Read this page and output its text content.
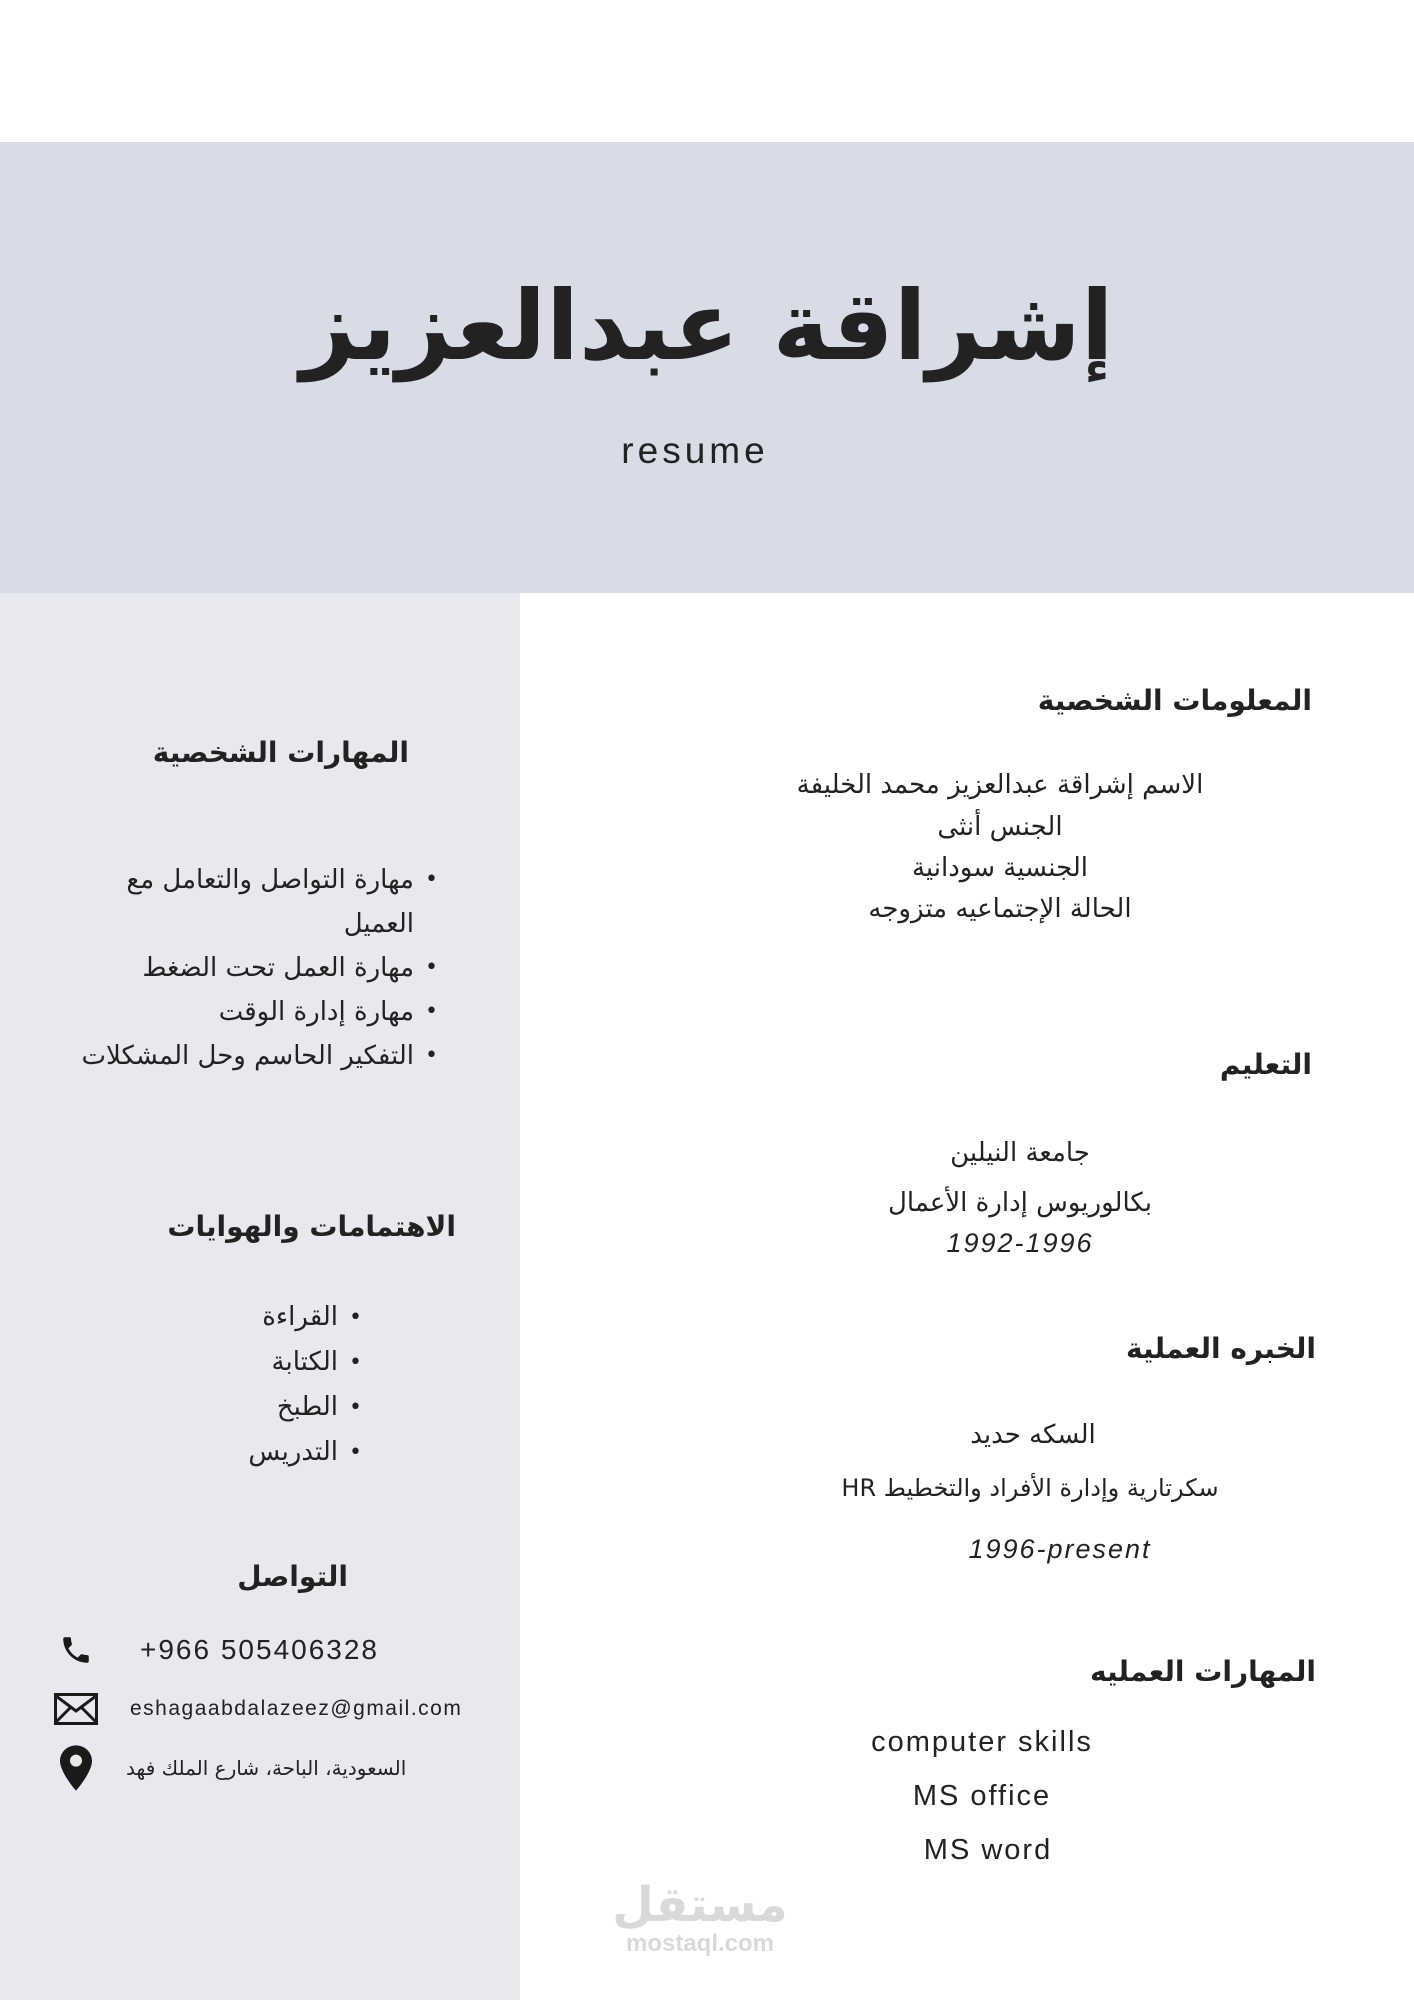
إشراقة عبدالعزيز
resume
المهارات الشخصية
• مهارة التواصل والتعامل مع العميل
• مهارة العمل تحت الضغط
• مهارة إدارة الوقت
• التفكير الحاسم وحل المشكلات
الاهتمامات والهوايات
• القراءة
• الكتابة
• الطبخ
• التدريس
التواصل
+966 505406328
eshagaabdalazeez@gmail.com
السعودية، الباحة، شارع الملك فهد
المعلومات الشخصية
الاسم إشراقة عبدالعزيز محمد الخليفة
الجنس أنثى
الجنسية سودانية
الحالة الإجتماعيه متزوجه
التعليم
جامعة النيلين
بكالوريوس إدارة الأعمال
1992-1996
الخبره العملية
السكه حديد
سكرتارية وإدارة الأفراد والتخطيط HR
1996-present
المهارات العمليه
computer skills
MS office
MS word
مستقل
mostaql.com
